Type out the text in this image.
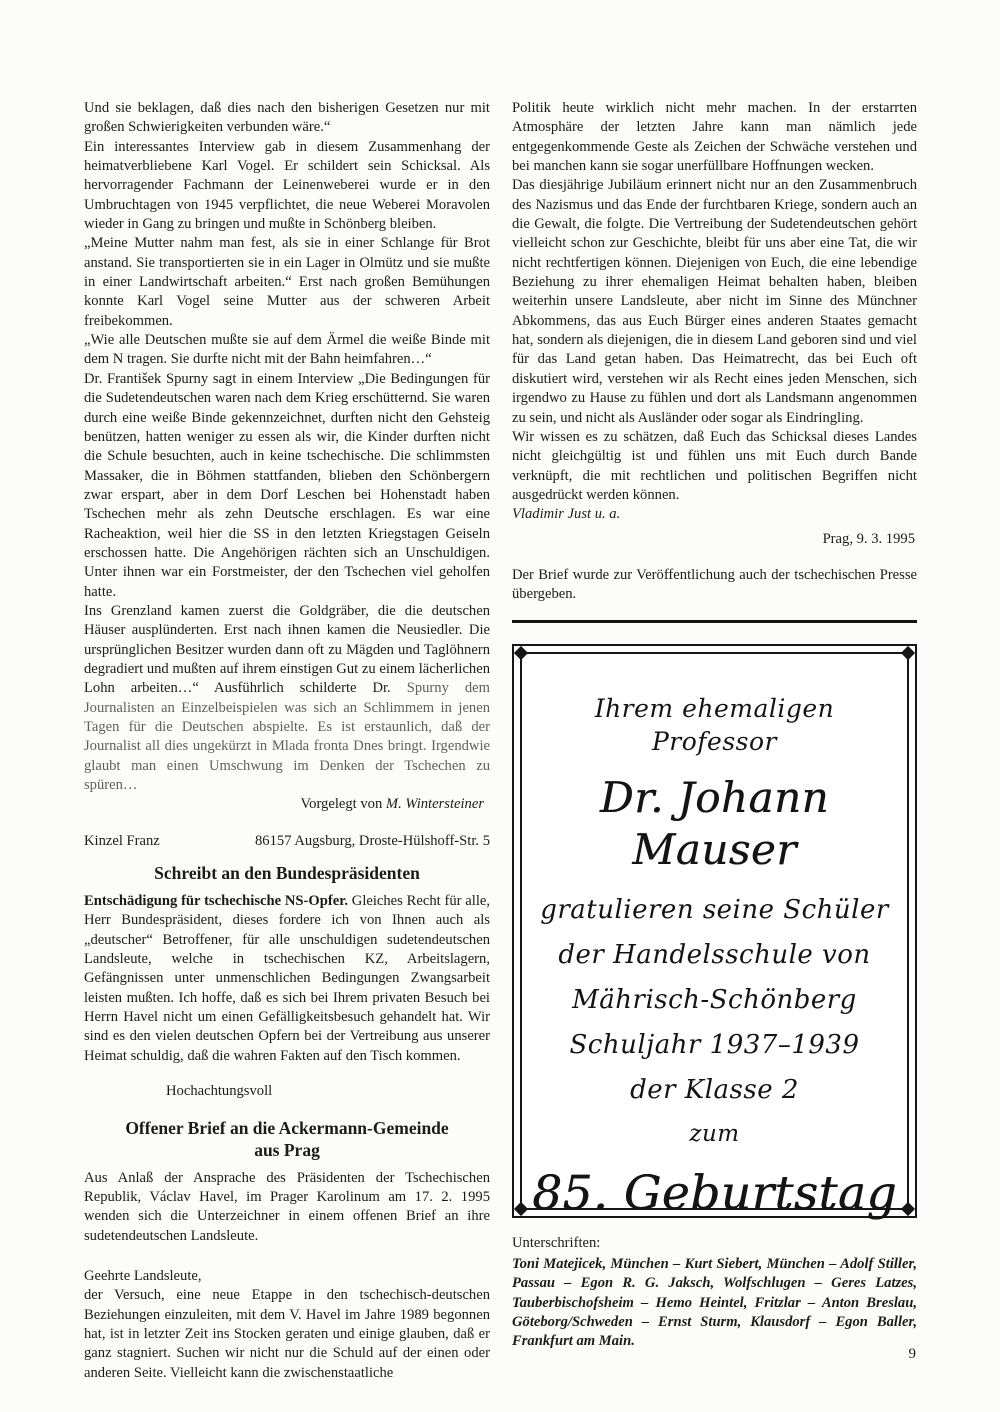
Und sie beklagen, daß dies nach den bisherigen Gesetzen nur mit großen Schwierigkeiten verbunden wäre.“

Ein interessantes Interview gab in diesem Zusammenhang der heimatverbliebene Karl Vogel. Er schildert sein Schicksal. Als hervorragender Fachmann der Leinenweberei wurde er in den Umbruchtagen von 1945 verpflichtet, die neue Weberei Moravolen wieder in Gang zu bringen und mußte in Schönberg bleiben.

„Meine Mutter nahm man fest, als sie in einer Schlange für Brot anstand. Sie transportierten sie in ein Lager in Olmütz und sie mußte in einer Landwirtschaft arbeiten.“ Erst nach großen Bemühungen konnte Karl Vogel seine Mutter aus der schweren Arbeit freibekommen.

„Wie alle Deutschen mußte sie auf dem Ärmel die weiße Binde mit dem N tragen. Sie durfte nicht mit der Bahn heimfahren…“

Dr. František Spurny sagt in einem Interview „Die Bedingungen für die Sudetendeutschen waren nach dem Krieg erschütternd. Sie waren durch eine weiße Binde gekennzeichnet, durften nicht den Gehsteig benützen, hatten weniger zu essen als wir, die Kinder durften nicht die Schule besuchten, auch in keine tschechische. Die schlimmsten Massaker, die in Böhmen stattfanden, blieben den Schönbergern zwar erspart, aber in dem Dorf Leschen bei Hohenstadt haben Tschechen mehr als zehn Deutsche erschlagen. Es war eine Racheaktion, weil hier die SS in den letzten Kriegstagen Geiseln erschossen hatte. Die Angehörigen rächten sich an Unschuldigen. Unter ihnen war ein Forstmeister, der den Tschechen viel geholfen hatte.

Ins Grenzland kamen zuerst die Goldgräber, die die deutschen Häuser ausplünderten. Erst nach ihnen kamen die Neusiedler. Die ursprünglichen Besitzer wurden dann oft zu Mägden und Taglöhnern degradiert und mußten auf ihrem einstigen Gut zu einem lächerlichen Lohn arbeiten…“ Ausführlich schilderte Dr. Spurny dem Journalisten an Einzelbeispielen was sich an Schlimmem in jenen Tagen für die Deutschen abspielte. Es ist erstaunlich, daß der Journalist all dies ungekürzt in Mlada fronta Dnes bringt. Irgendwie glaubt man einen Umschwung im Denken der Tschechen zu spüren…

Vorgelegt von M. Wintersteiner

Kinzel Franz	86157 Augsburg, Droste-Hülshoff-Str. 5
Schreibt an den Bundespräsidenten

Entschädigung für tschechische NS-Opfer. Gleiches Recht für alle, Herr Bundespräsident, dieses fordere ich von Ihnen auch als „deutscher“ Betroffener, für alle unschuldigen sudetendeutschen Landsleute, welche in tschechischen KZ, Arbeitslagern, Gefängnissen unter unmenschlichen Bedingungen Zwangsarbeit leisten mußten. Ich hoffe, daß es sich bei Ihrem privaten Besuch bei Herrn Havel nicht um einen Gefälligkeitsbesuch gehandelt hat. Wir sind es den vielen deutschen Opfern bei der Vertreibung aus unserer Heimat schuldig, daß die wahren Fakten auf den Tisch kommen.

Hochachtungsvoll

Offener Brief an die Ackermann-Gemeinde
aus Prag

Aus Anlaß der Ansprache des Präsidenten der Tschechischen Republik, Václav Havel, im Prager Karolinum am 17. 2. 1995 wenden sich die Unterzeichner in einem offenen Brief an ihre sudetendeutschen Landsleute.

Geehrte Landsleute,

der Versuch, eine neue Etappe in den tschechisch-deutschen Beziehungen einzuleiten, mit dem V. Havel im Jahre 1989 begonnen hat, ist in letzter Zeit ins Stocken geraten und einige glauben, daß er ganz stagniert. Suchen wir nicht nur die Schuld auf der einen oder anderen Seite. Vielleicht kann die zwischenstaatliche

Politik heute wirklich nicht mehr machen. In der erstarrten Atmosphäre der letzten Jahre kann man nämlich jede entgegenkommende Geste als Zeichen der Schwäche verstehen und bei manchen kann sie sogar unerfüllbare Hoffnungen wecken.

Das diesjährige Jubiläum erinnert nicht nur an den Zusammenbruch des Nazismus und das Ende der furchtbaren Kriege, sondern auch an die Gewalt, die folgte. Die Vertreibung der Sudetendeutschen gehört vielleicht schon zur Geschichte, bleibt für uns aber eine Tat, die wir nicht rechtfertigen können. Diejenigen von Euch, die eine lebendige Beziehung zu ihrer ehemaligen Heimat behalten haben, bleiben weiterhin unsere Landsleute, aber nicht im Sinne des Münchner Abkommens, das aus Euch Bürger eines anderen Staates gemacht hat, sondern als diejenigen, die in diesem Land geboren sind und viel für das Land getan haben. Das Heimatrecht, das bei Euch oft diskutiert wird, verstehen wir als Recht eines jeden Menschen, sich irgendwo zu Hause zu fühlen und dort als Landsmann angenommen zu sein, und nicht als Ausländer oder sogar als Eindringling.

Wir wissen es zu schätzen, daß Euch das Schicksal dieses Landes nicht gleichgültig ist und fühlen uns mit Euch durch Bande verknüpft, die mit rechtlichen und politischen Begriffen nicht ausgedrückt werden können.

Vladimir Just u. a.

Prag, 9. 3. 1995

Der Brief wurde zur Veröffentlichung auch der tschechischen Presse übergeben.

Ihrem ehemaligen Professor
Dr. Johann Mauser
gratulieren seine Schüler
der Handelsschule von
Mährisch-Schönberg
Schuljahr 1937–1939
der Klasse 2
zum
85. Geburtstag

Unterschriften:

Toni Matejicek, München – Kurt Siebert, München – Adolf Stiller, Passau – Egon R. G. Jaksch, Wolfschlugen – Geres Latzes, Tauberbischofsheim – Hemo Heintel, Fritzlar – Anton Breslau, Göteborg/Schweden – Ernst Sturm, Klausdorf – Egon Baller, Frankfurt am Main.

9
